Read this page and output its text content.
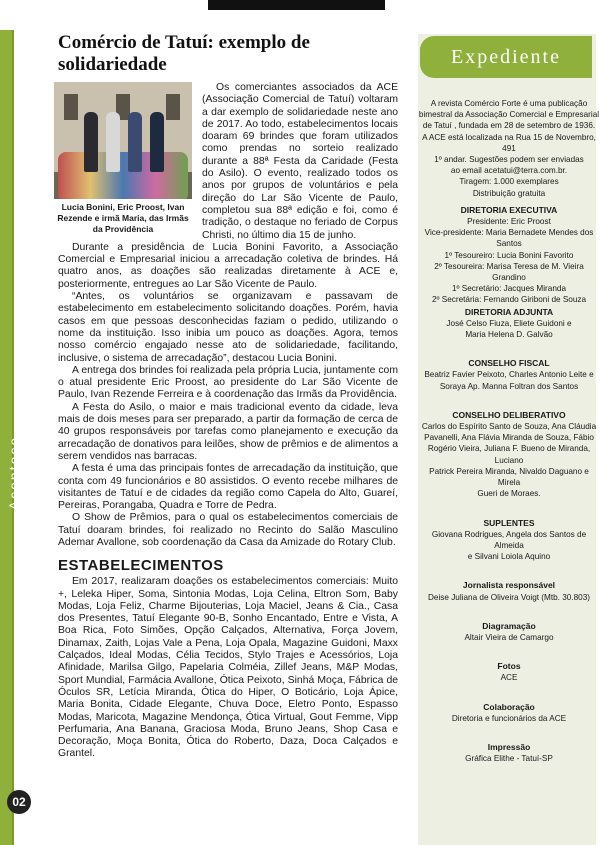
Acontece
02
Comércio de Tatuí: exemplo de solidariedade
Lucia Bonini, Eric Proost, Ivan Rezende e irmã Maria, das Irmãs da Providência

Os comerciantes associados da ACE (Associação Comercial de Tatuí) voltaram a dar exemplo de solidariedade neste ano de 2017. Ao todo, estabelecimentos locais doaram 69 brindes que foram utilizados como prendas no sorteio realizado durante a 88ª Festa da Caridade (Festa do Asilo). O evento, realizado todos os anos por grupos de voluntários e pela direção do Lar São Vicente de Paulo, completou sua 88ª edição e foi, como é tradição, o destaque no feriado de Corpus Christi, no último dia 15 de junho.

Durante a presidência de Lucia Bonini Favorito, a Associação Comercial e Empresarial iniciou a arrecadação coletiva de brindes. Há quatro anos, as doações são realizadas diretamente à ACE e, posteriormente, entregues ao Lar São Vicente de Paulo.

“Antes, os voluntários se organizavam e passavam de estabelecimento em estabelecimento solicitando doações. Porém, havia casos em que pessoas desconhecidas faziam o pedido, utilizando o nome da instituição. Isso inibia um pouco as doações. Agora, temos nosso comércio engajado nesse ato de solidariedade, facilitando, inclusive, o sistema de arrecadação”, destacou Lucia Bonini.

A entrega dos brindes foi realizada pela própria Lucia, juntamente com o atual presidente Eric Proost, ao presidente do Lar São Vicente de Paulo, Ivan Rezende Ferreira e à coordenação das Irmãs da Providência.

A Festa do Asilo, o maior e mais tradicional evento da cidade, leva mais de dois meses para ser preparado, a partir da formação de cerca de 40 grupos responsáveis por tarefas como planejamento e execução da arrecadação de donativos para leilões, show de prêmios e de alimentos a serem vendidos nas barracas.

A festa é uma das principais fontes de arrecadação da instituição, que conta com 49 funcionários e 80 assistidos. O evento recebe milhares de visitantes de Tatuí e de cidades da região como Capela do Alto, Guareí, Pereiras, Porangaba, Quadra e Torre de Pedra.

O Show de Prêmios, para o qual os estabelecimentos comerciais de Tatuí doaram brindes, foi realizado no Recinto do Salão Masculino Ademar Avallone, sob coordenação da Casa da Amizade do Rotary Club.

ESTABELECIMENTOS

Em 2017, realizaram doações os estabelecimentos comerciais: Muito +, Leleka Hiper, Soma, Sintonia Modas, Loja Celina, Eltron Som, Baby Modas, Loja Feliz, Charme Bijouterias, Loja Maciel, Jeans & Cia., Casa dos Presentes, Tatuí Elegante 90-B, Sonho Encantado, Entre e Vista, A Boa Rica, Foto Simões, Opção Calçados, Alternativa, Força Jovem, Dinamax, Zaith, Lojas Vale a Pena, Loja Opala, Magazine Guidoni, Maxx Calçados, Ideal Modas, Célia Tecidos, Stylo Trajes e Acessórios, Loja Afinidade, Marilsa Gilgo, Papelaria Colméia, Zillef Jeans, M&P Modas, Sport Mundial, Farmácia Avallone, Ótica Peixoto, Sinhá Moça, Fábrica de Óculos SR, Letícia Miranda, Ótica do Hiper, O Boticário, Loja Ápice, Maria Bonita, Cidade Elegante, Chuva Doce, Eletro Ponto, Espasso Modas, Maricota, Magazine Mendonça, Ótica Virtual, Gout Femme, Vipp Perfumaria, Ana Banana, Graciosa Moda, Bruno Jeans, Shop Casa e Decoração, Moça Bonita, Ótica do Roberto, Daza, Doca Calçados e Grantel.

Expediente
A revista Comércio Forte é uma publicação
bimestral da Associação Comercial e Empresarial
de Tatuí , fundada em 28 de setembro de 1936.
A ACE está localizada na Rua 15 de Novembro, 491
1º andar. Sugestões podem ser enviadas
ao email acetatui@terra.com.br.
Tiragem: 1.000 exemplares
Distribuição gratuita
DIRETORIA EXECUTIVA
Presidente: Eric Proost
Vice-presidente: Maria Bernadete Mendes dos Santos
1º Tesoureiro: Lucia Bonini Favorito
2º Tesoureira: Marisa Teresa de M. Vieira Grandino
1º Secretário: Jacques Miranda
2º Secretária: Fernando Giriboni de Souza
DIRETORIA ADJUNTA
José Celso Fiuza, Eliete Guidoni e
Maria Helena D. Galvão
CONSELHO FISCAL
Beatriz Favier Peixoto, Charles Antonio Leite e
Soraya Ap. Manna Foltran dos Santos
CONSELHO DELIBERATIVO
Carlos do Espírito Santo de Souza, Ana Cláudia
Pavanelli, Ana Flávia Miranda de Souza, Fábio
Rogério Vieira, Juliana F. Bueno de Miranda, Luciano
Patrick Pereira Miranda, Nivaldo Daguano e Mirela
Gueri de Moraes.
SUPLENTES
Giovana Rodrigues, Angela dos Santos de Almeida
e Silvani Loiola Aquino
Jornalista responsável
Deise Juliana de Oliveira Voigt (Mtb. 30.803)
Diagramação
Altair Vieira de Camargo
Fotos
ACE
Colaboração
Diretoria e funcionários da ACE
Impressão
Gráfica Elithe - Tatuí-SP
